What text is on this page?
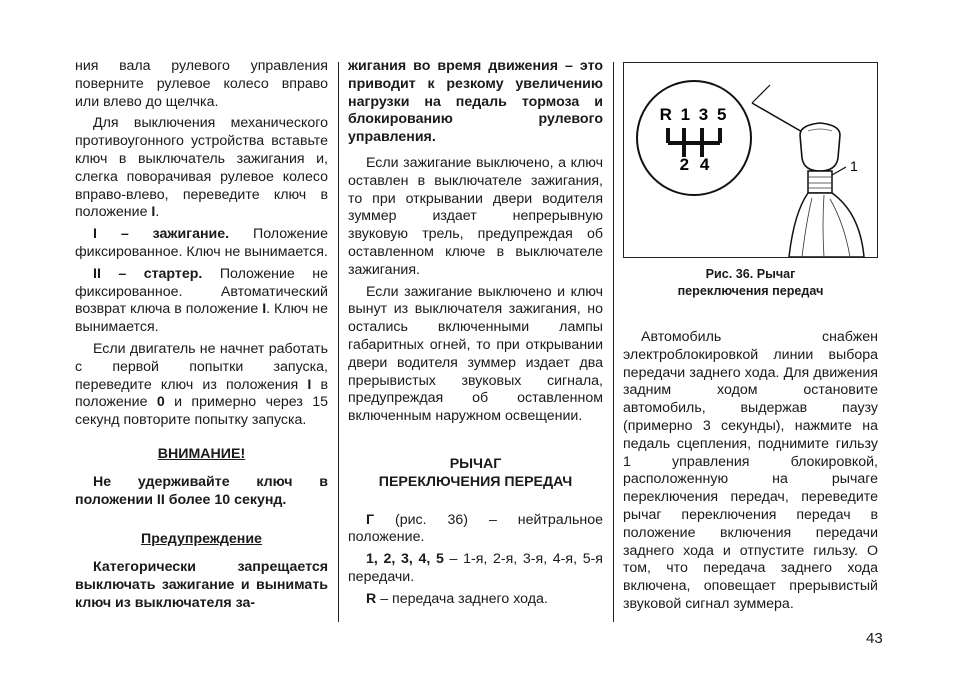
ния вала рулевого управления поверните рулевое колесо вправо или влево до щелчка.

Для выключения механического противоугонного устройства вставьте ключ в выключатель зажигания и, слегка поворачивая рулевое колесо вправо-влево, переведите ключ в положение I.

I – зажигание. Положение фиксированное. Ключ не вынимается.

II – стартер. Положение не фиксированное. Автоматический возврат ключа в положение I. Ключ не вынимается.

Если двигатель не начнет работать с первой попытки запуска, переведите ключ из положения I в положение 0 и примерно через 15 секунд повторите попытку запуска.

ВНИМАНИЕ!

Не удерживайте ключ в положении II более 10 секунд.

Предупреждение

Категорически запрещается выключать зажигание и вынимать ключ из выключателя за-

жигания во время движения – это приводит к резкому увеличению нагрузки на педаль тормоза и блокированию рулевого управления.

Если зажигание выключено, а ключ оставлен в выключателе зажигания, то при открывании двери водителя зуммер издает непрерывную звуковую трель, предупреждая об оставленном ключе в выключателе зажигания.

Если зажигание выключено и ключ вынут из выключателя зажигания, но остались включенными лампы габаритных огней, то при открывании двери водителя зуммер издает два прерывистых звуковых сигнала, предупреждая об оставленном включенным наружном освещении.

РЫЧАГ

ПЕРЕКЛЮЧЕНИЯ ПЕРЕДАЧ

Г (рис. 36) – нейтральное положение.

1, 2, 3, 4, 5 – 1-я, 2-я, 3-я, 4-я, 5-я передачи.

R – передача заднего хода.

R 1 3 5
2 4	1
Рис. 36. Рычаг
переключения передач

Автомобиль снабжен электроблокировкой линии выбора передачи заднего хода. Для движения задним ходом остановите автомобиль, выдержав паузу (примерно 3 секунды), нажмите на педаль сцепления, поднимите гильзу 1 управления блокировкой, расположенную на рычаге переключения передач, переведите рычаг переключения передач в положение включения передачи заднего хода и отпустите гильзу. О том, что передача заднего хода включена, оповещает прерывистый звуковой сигнал зуммера.

43
